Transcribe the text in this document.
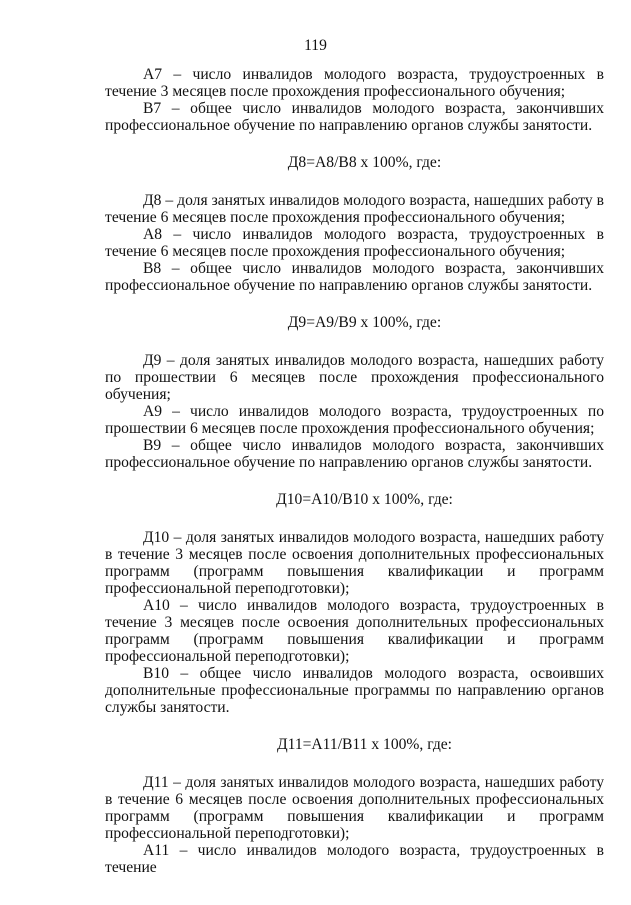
119

А7 – число инвалидов молодого возраста, трудоустроенных в течение 3 месяцев после прохождения профессионального обучения;

В7 – общее число инвалидов молодого возраста, закончивших профессиональное обучение по направлению органов службы занятости.

Д8=А8/В8 х 100%, где:

Д8 – доля занятых инвалидов молодого возраста, нашедших работу в течение 6 месяцев после прохождения профессионального обучения;

А8 – число инвалидов молодого возраста, трудоустроенных в течение 6 месяцев после прохождения профессионального обучения;

В8 – общее число инвалидов молодого возраста, закончивших профессиональное обучение по направлению органов службы занятости.

Д9=А9/В9 х 100%, где:

Д9 – доля занятых инвалидов молодого возраста, нашедших работу по прошествии 6 месяцев после прохождения профессионального обучения;

А9 – число инвалидов молодого возраста, трудоустроенных по прошествии 6 месяцев после прохождения профессионального обучения;

В9 – общее число инвалидов молодого возраста, закончивших профессиональное обучение по направлению органов службы занятости.

Д10=А10/В10 х 100%, где:

Д10 – доля занятых инвалидов молодого возраста, нашедших работу в течение 3 месяцев после освоения дополнительных профессиональных программ (программ повышения квалификации и программ профессиональной переподготовки);

А10 – число инвалидов молодого возраста, трудоустроенных в течение 3 месяцев после освоения дополнительных профессиональных программ (программ повышения квалификации и программ профессиональной переподготовки);

В10 – общее число инвалидов молодого возраста, освоивших дополнительные профессиональные программы по направлению органов службы занятости.

Д11=А11/В11 х 100%, где:

Д11 – доля занятых инвалидов молодого возраста, нашедших работу в течение 6 месяцев после освоения дополнительных профессиональных программ (программ повышения квалификации и программ профессиональной переподготовки);

А11 – число инвалидов молодого возраста, трудоустроенных в течение
